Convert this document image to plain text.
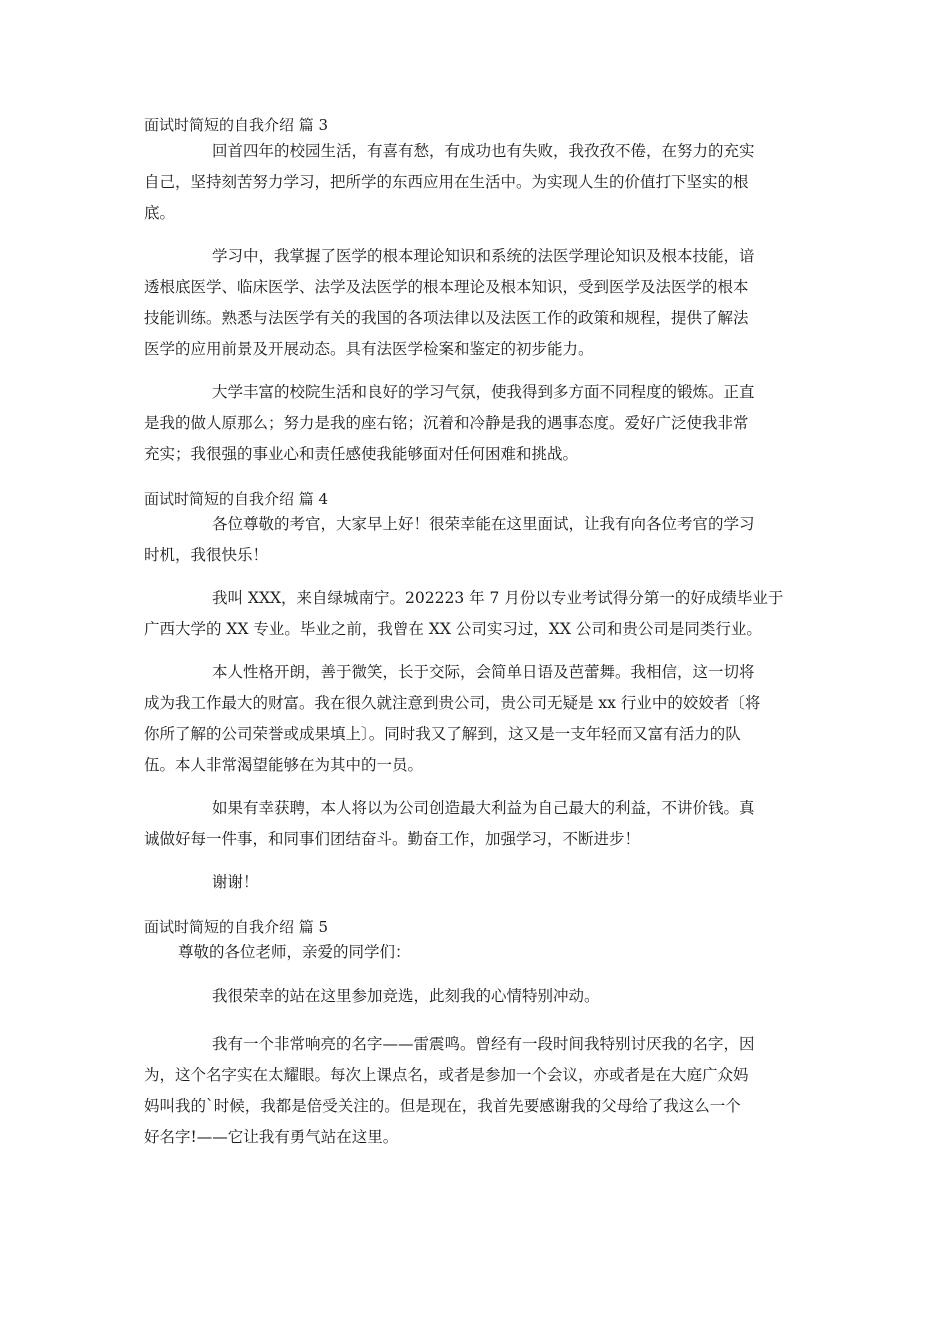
面试时简短的自我介绍 篇 3
回首四年的校园生活，有喜有愁，有成功也有失败，我孜孜不倦，在努力的充实
自己，坚持刻苦努力学习，把所学的东西应用在生活中。为实现人生的价值打下坚实的根
底。
学习中，我掌握了医学的根本理论知识和系统的法医学理论知识及根本技能，谙
透根底医学、临床医学、法学及法医学的根本理论及根本知识，受到医学及法医学的根本
技能训练。熟悉与法医学有关的我国的各项法律以及法医工作的政策和规程，提供了解法
医学的应用前景及开展动态。具有法医学检案和鉴定的初步能力。
大学丰富的校院生活和良好的学习气氛，使我得到多方面不同程度的锻炼。正直
是我的做人原那么；努力是我的座右铭；沉着和冷静是我的遇事态度。爱好广泛使我非常
充实；我很强的事业心和责任感使我能够面对任何困难和挑战。
面试时简短的自我介绍 篇 4
各位尊敬的考官，大家早上好！很荣幸能在这里面试，让我有向各位考官的学习
时机，我很快乐！
我叫 XXX，来自绿城南宁。202223 年 7 月份以专业考试得分第一的好成绩毕业于
广西大学的 XX 专业。毕业之前，我曾在 XX 公司实习过，XX 公司和贵公司是同类行业。
本人性格开朗，善于微笑，长于交际，会简单日语及芭蕾舞。我相信，这一切将
成为我工作最大的财富。我在很久就注意到贵公司，贵公司无疑是 xx 行业中的姣姣者〔将
你所了解的公司荣誉或成果填上〕。同时我又了解到，这又是一支年轻而又富有活力的队
伍。本人非常渴望能够在为其中的一员。
如果有幸获聘，本人将以为公司创造最大利益为自己最大的利益，不讲价钱。真
诚做好每一件事，和同事们团结奋斗。勤奋工作，加强学习，不断进步！
谢谢！
面试时简短的自我介绍 篇 5
尊敬的各位老师，亲爱的同学们：
我很荣幸的站在这里参加竞选，此刻我的心情特别冲动。
我有一个非常响亮的名字——雷震鸣。曾经有一段时间我特别讨厌我的名字，因
为，这个名字实在太耀眼。每次上课点名，或者是参加一个会议，亦或者是在大庭广众妈
妈叫我的`时候，我都是倍受关注的。但是现在，我首先要感谢我的父母给了我这么一个
好名字!——它让我有勇气站在这里。
